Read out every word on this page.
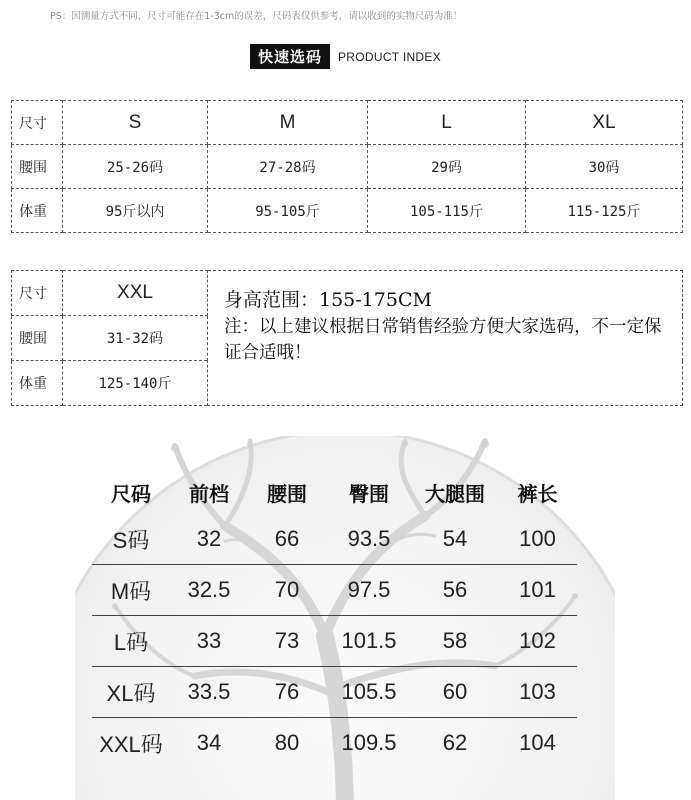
PS：因测量方式不同，尺寸可能存在1-3cm的误差，尺码表仅供参考，请以收到的实物尺码为准！
快速选码	PRODUCT INDEX
尺寸	S	M	L	XL
腰围	25-26码	27-28码	29码	30码
体重	95斤以内	95-105斤	105-115斤	115-125斤
尺寸	XXL	身高范围：155-175CM
注：以上建议根据日常销售经验方便大家选码，不一定保证合适哦！

腰围	31-32码	
体重	125-140斤	
尺码	前档	腰围	臀围	大腿围	裤长
S码	32	66	93.5	54	100
M码	32.5	70	97.5	56	101
L码	33	73	101.5	58	102
XL码	33.5	76	105.5	60	103
XXL码	34	80	109.5	62	104
